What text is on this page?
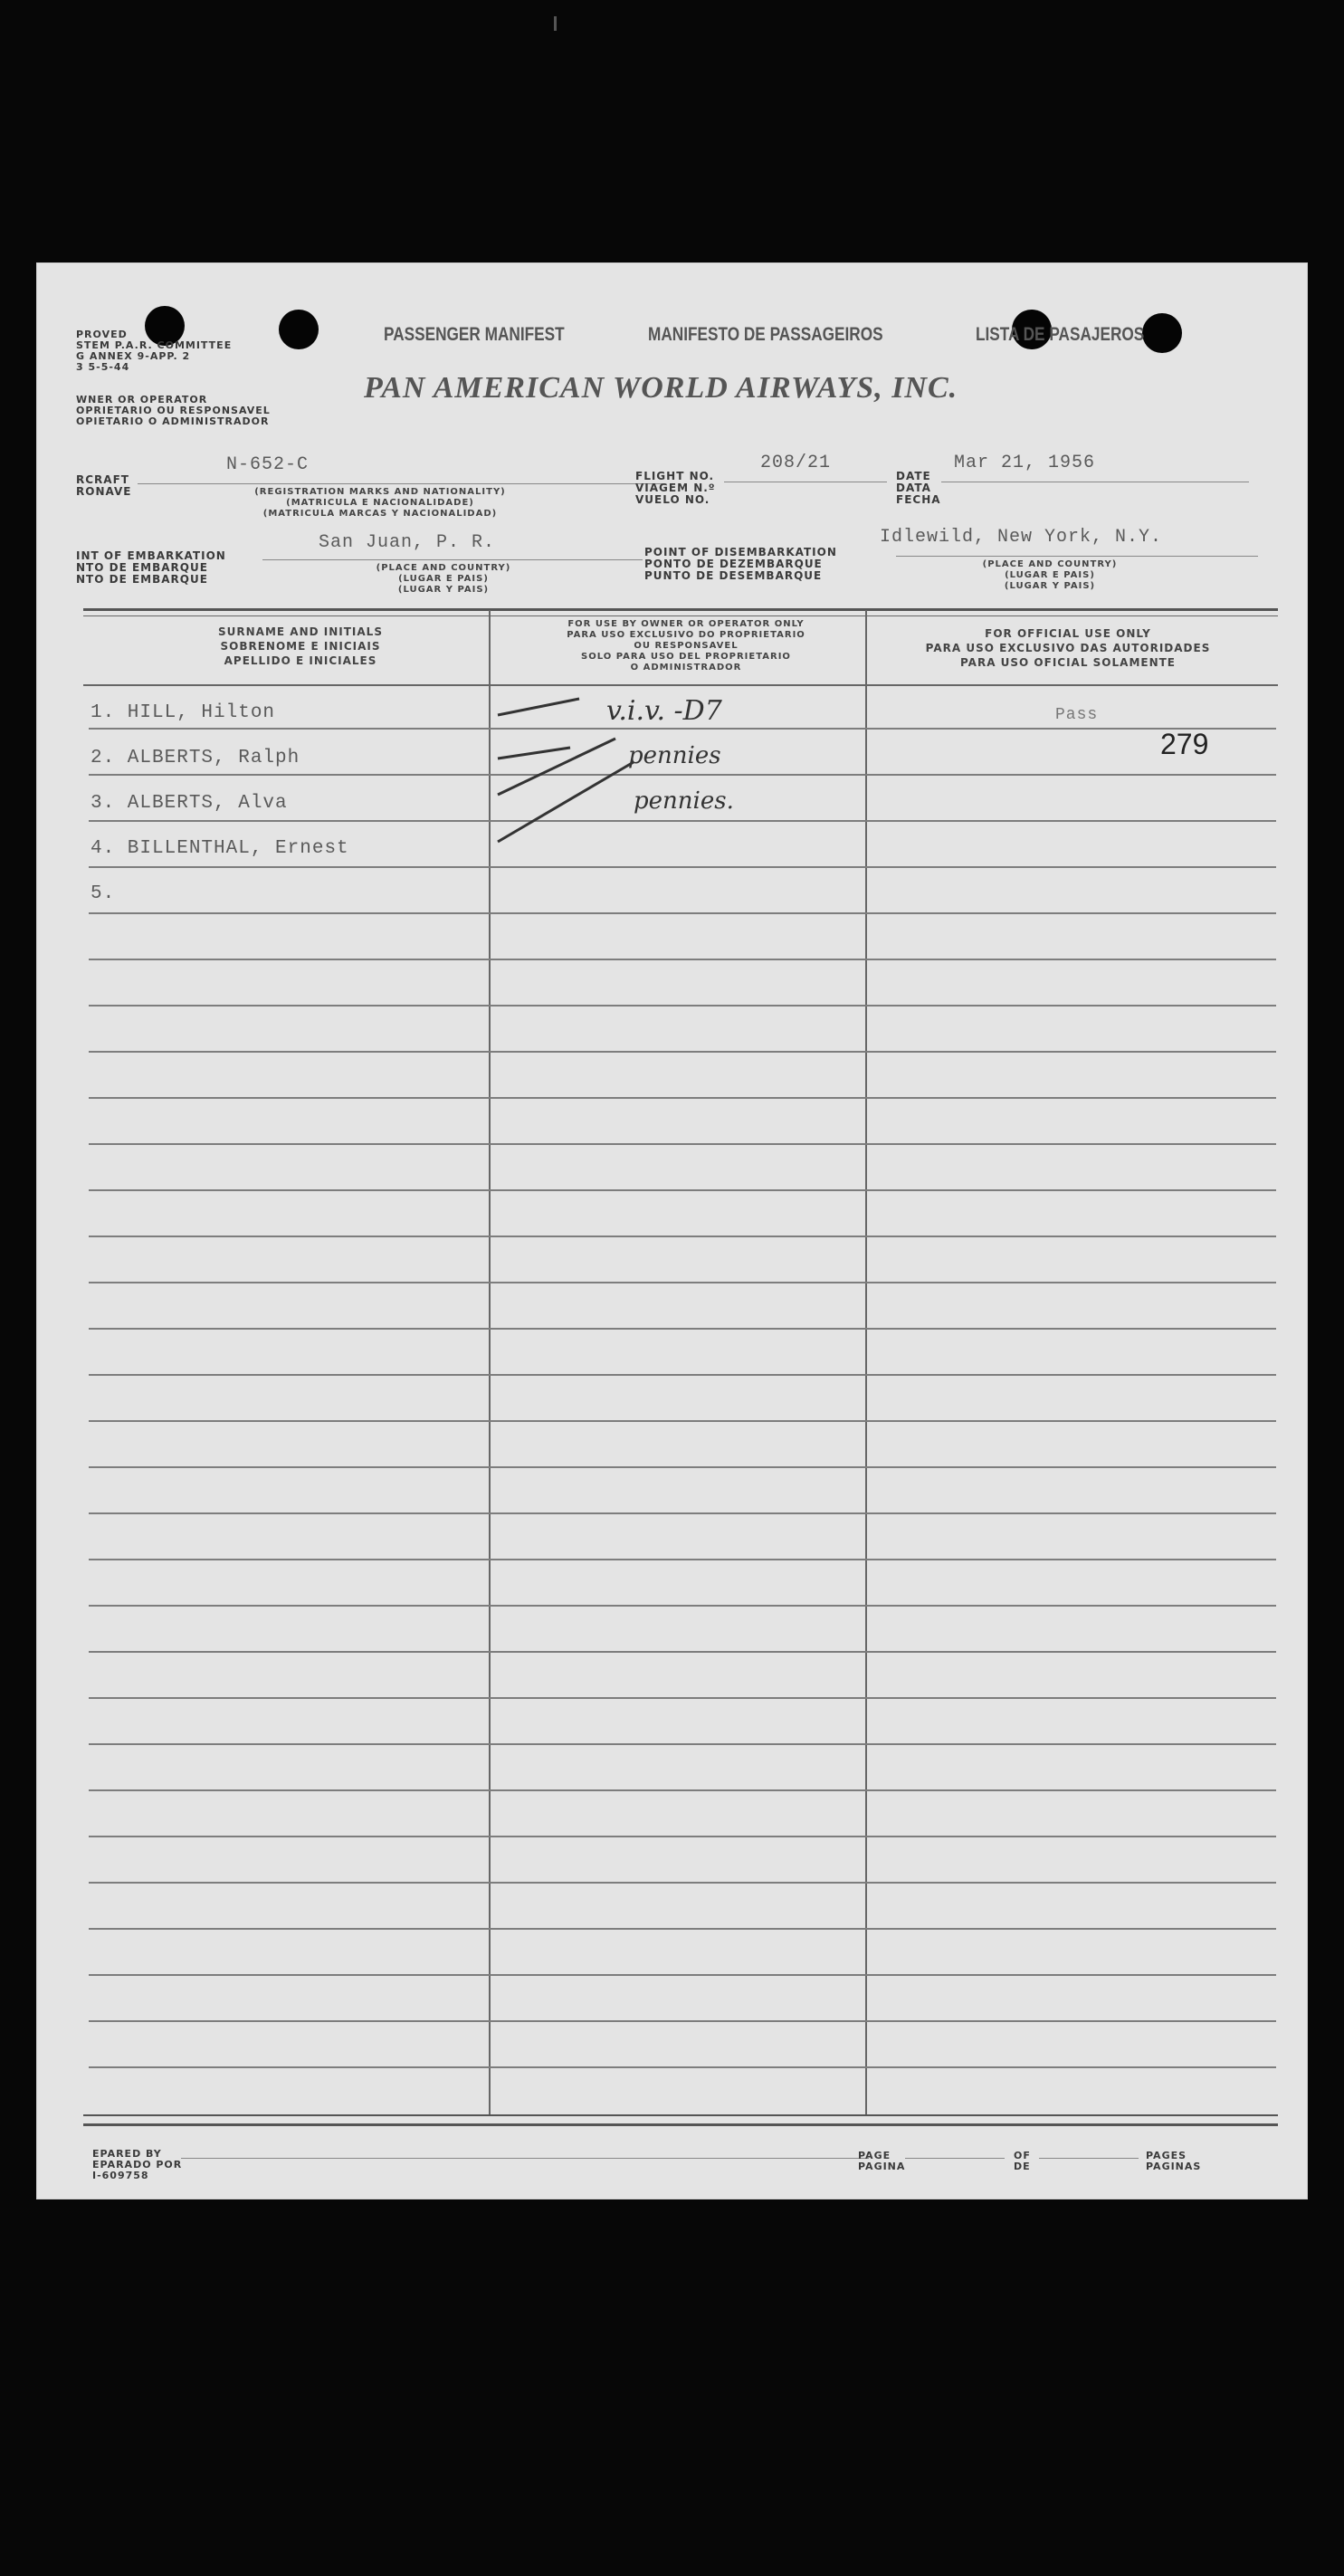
PROVED
STEM P.A.R. COMMITTEE
G ANNEX 9-APP. 2
3 5-5-44
WNER OR OPERATOR
OPRIETARIO OU RESPONSAVEL
OPIETARIO O ADMINISTRADOR
PASSENGER MANIFEST	MANIFESTO DE PASSAGEIROS	LISTA DE PASAJEROS
PAN AMERICAN WORLD AIRWAYS, INC.
RCRAFT
RONAVE
N-652-C
(REGISTRATION MARKS AND NATIONALITY)
(MATRICULA E NACIONALIDADE)
(MATRICULA MARCAS Y NACIONALIDAD)
FLIGHT NO.
VIAGEM N.º
VUELO NO.
208/21
DATE
DATA
FECHA
Mar 21, 1956
INT OF EMBARKATION
NTO DE EMBARQUE
NTO DE EMBARQUE
San Juan, P. R.
(PLACE AND COUNTRY)
(LUGAR E PAIS)
(LUGAR Y PAIS)
POINT OF DISEMBARKATION
PONTO DE DEZEMBARQUE
PUNTO DE DESEMBARQUE
Idlewild, New York, N.Y.
(PLACE AND COUNTRY)
(LUGAR E PAIS)
(LUGAR Y PAIS)
SURNAME AND INITIALS
SOBRENOME E INICIAIS
APELLIDO E INICIALES
FOR USE BY OWNER OR OPERATOR ONLY
PARA USO EXCLUSIVO DO PROPRIETARIO
OU RESPONSAVEL
SOLO PARA USO DEL PROPRIETARIO
O ADMINISTRADOR
FOR OFFICIAL USE ONLY
PARA USO EXCLUSIVO DAS AUTORIDADES
PARA USO OFICIAL SOLAMENTE
1. HILL, Hilton
2. ALBERTS, Ralph
3. ALBERTS, Alva
4. BILLENTHAL, Ernest
5.
v.i.v. -D7
pennies
pennies.
Pass
279
EPARED BY
EPARADO POR
I-609758
PAGE
PAGINA
OF
DE
PAGES
PAGINAS
